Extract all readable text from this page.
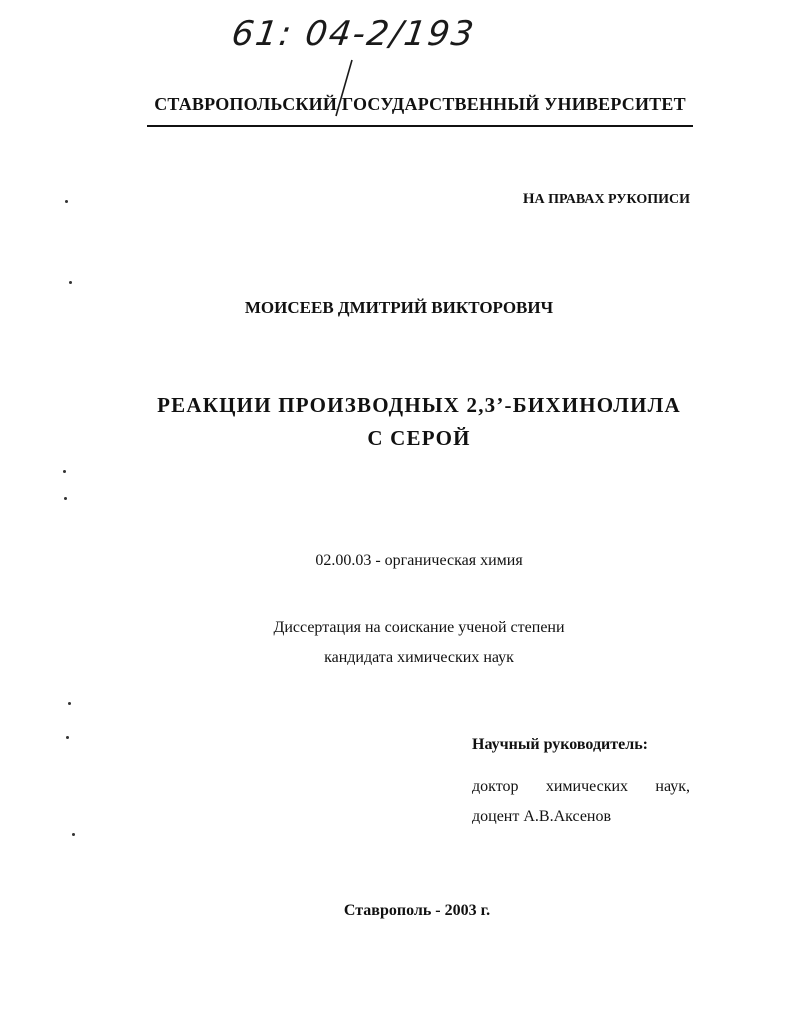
61: 04-2/193
СТАВРОПОЛЬСКИЙ ГОСУДАРСТВЕННЫЙ УНИВЕРСИТЕТ
НА ПРАВАХ РУКОПИСИ
МОИСЕЕВ ДМИТРИЙ ВИКТОРОВИЧ
РЕАКЦИИ ПРОИЗВОДНЫХ 2,3’-БИХИНОЛИЛА
С СЕРОЙ
02.00.03 - органическая химия
Диссертация на соискание ученой степени
кандидата химических наук
Научный руководитель:
доктор химических наук,
доцент А.В.Аксенов
Ставрополь - 2003 г.
